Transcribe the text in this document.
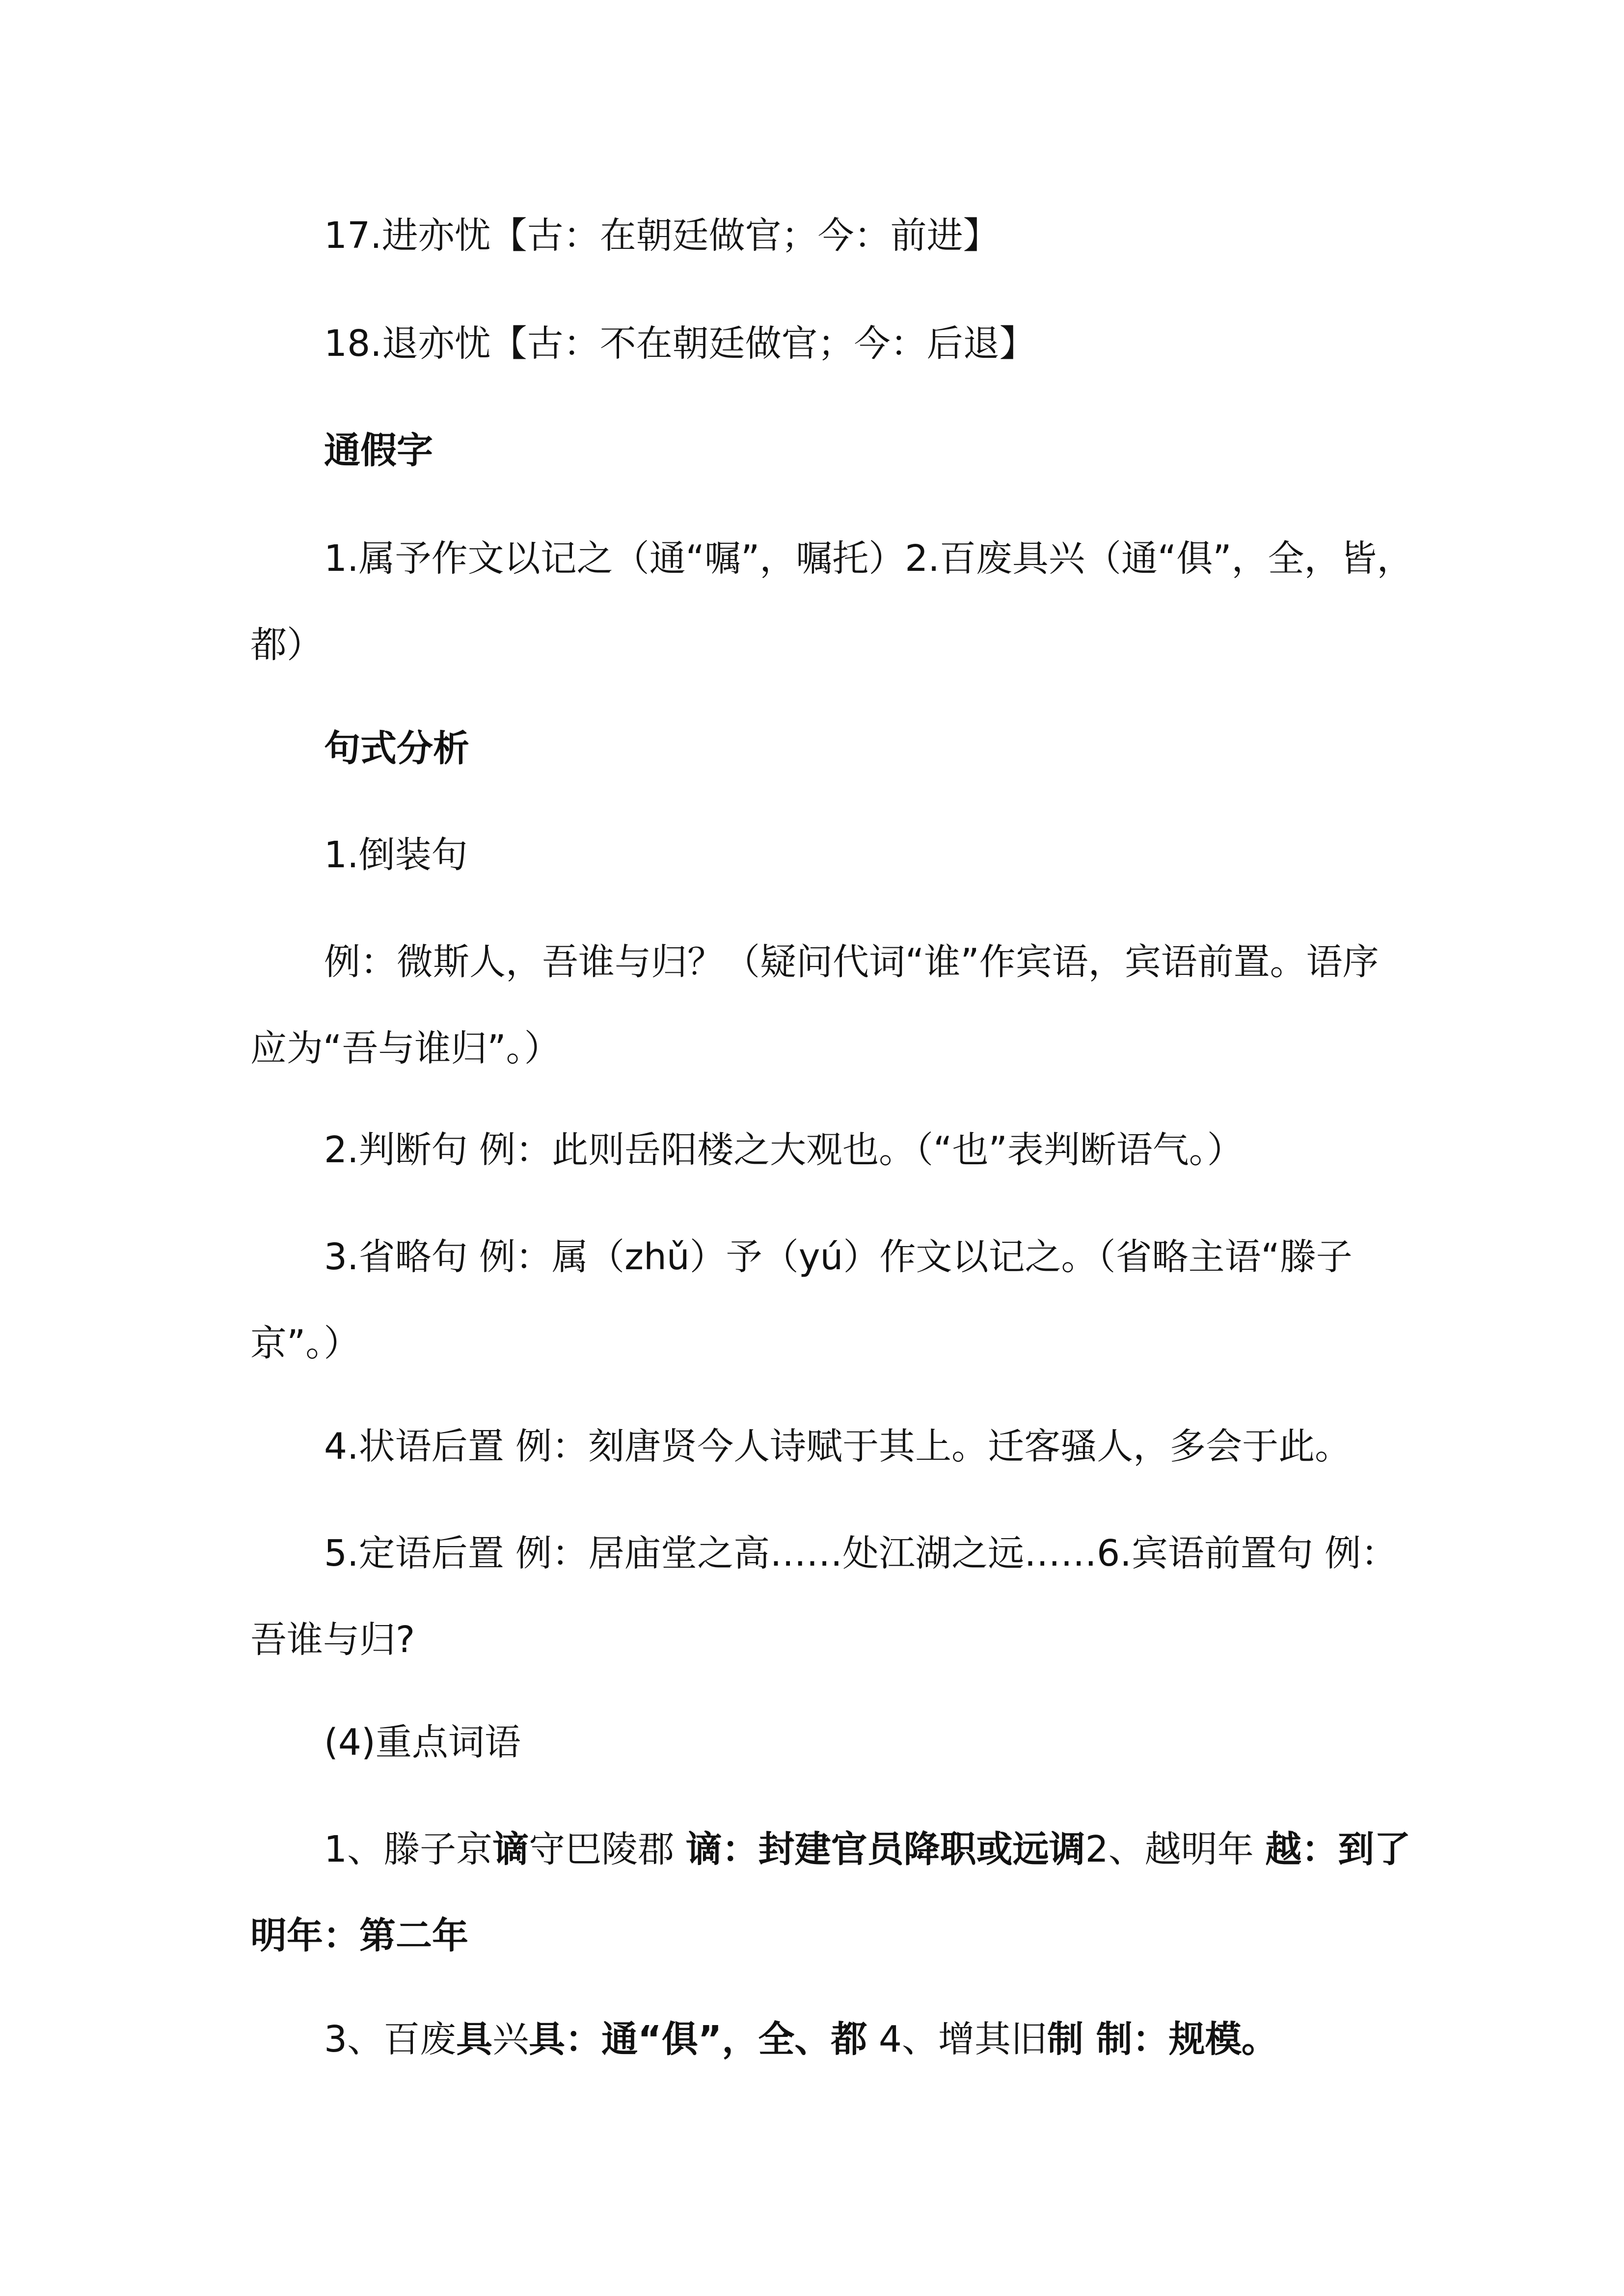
17.进亦忧【古：在朝廷做官；今：前进】
18.退亦忧【古：不在朝廷做官；今：后退】
通假字
1.属予作文以记之（通“嘱”，嘱托）2.百废具兴（通“俱”，全，皆，都）
句式分析
1.倒装句
例：微斯人，吾谁与归？（疑问代词“谁”作宾语，宾语前置。语序应为“吾与谁归”。）
2.判断句 例：此则岳阳楼之大观也。（“也”表判断语气。）
3.省略句 例：属（zhǔ）予（yú）作文以记之。（省略主语“滕子京”。）
4.状语后置 例：刻唐贤今人诗赋于其上。迁客骚人，多会于此。
5.定语后置 例：居庙堂之高……处江湖之远……6.宾语前置句 例：吾谁与归?
(4)重点词语
1、滕子京谪守巴陵郡 谪：封建官员降职或远调2、越明年 越：到了 明年：第二年
3、百废具兴具：通“俱”，全、都 4、增其旧制 制：规模。
